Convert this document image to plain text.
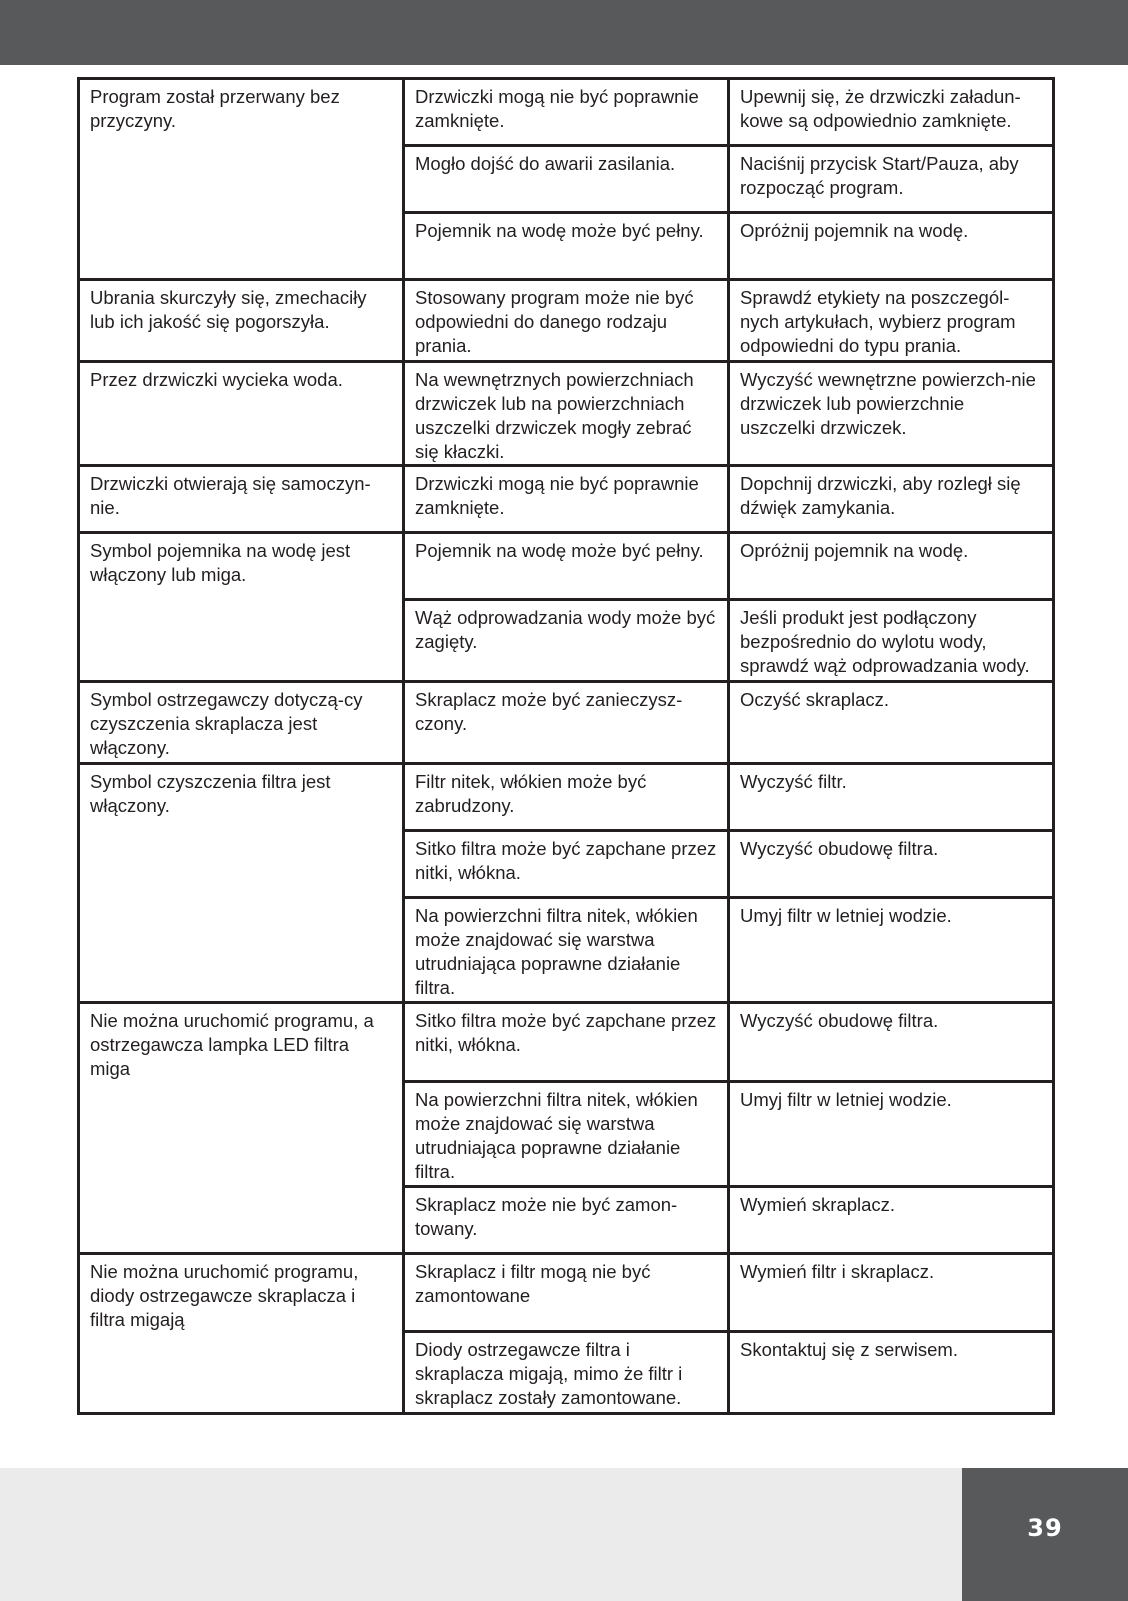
Program został przerwany bez przyczyny.	Drzwiczki mogą nie być poprawnie zamknięte.	Upewnij się, że drzwiczki załadun-kowe są odpowiednio zamknięte.
	Mogło dojść do awarii zasilania.	Naciśnij przycisk Start/Pauza, aby rozpocząć program.
	Pojemnik na wodę może być pełny.	Opróżnij pojemnik na wodę.
Ubrania skurczyły się, zmechaciły lub ich jakość się pogorszyła.	Stosowany program może nie być odpowiedni do danego rodzaju prania.	Sprawdź etykiety na poszczegól-nych artykułach, wybierz program odpowiedni do typu prania.
Przez drzwiczki wycieka woda.	Na wewnętrznych powierzchniach drzwiczek lub na powierzchniach uszczelki drzwiczek mogły zebrać się kłaczki.	Wyczyść wewnętrzne powierzch-nie drzwiczek lub powierzchnie uszczelki drzwiczek.
Drzwiczki otwierają się samoczyn-nie.	Drzwiczki mogą nie być poprawnie zamknięte.	Dopchnij drzwiczki, aby rozległ się dźwięk zamykania.
Symbol pojemnika na wodę jest włączony lub miga.	Pojemnik na wodę może być pełny.	Opróżnij pojemnik na wodę.
	Wąż odprowadzania wody może być zagięty.	Jeśli produkt jest podłączony bezpośrednio do wylotu wody, sprawdź wąż odprowadzania wody.
Symbol ostrzegawczy dotyczą-cy czyszczenia skraplacza jest włączony.	Skraplacz może być zanieczysz-czony.	Oczyść skraplacz.
Symbol czyszczenia filtra jest włączony.	Filtr nitek, włókien może być zabrudzony.	Wyczyść filtr.
	Sitko filtra może być zapchane przez nitki, włókna.	Wyczyść obudowę filtra.
	Na powierzchni filtra nitek, włókien może znajdować się warstwa utrudniająca poprawne działanie filtra.	Umyj filtr w letniej wodzie.
Nie można uruchomić programu, a ostrzegawcza lampka LED filtra miga	Sitko filtra może być zapchane przez nitki, włókna.	Wyczyść obudowę filtra.
	Na powierzchni filtra nitek, włókien może znajdować się warstwa utrudniająca poprawne działanie filtra.	Umyj filtr w letniej wodzie.
	Skraplacz może nie być zamon-towany.	Wymień skraplacz.
Nie można uruchomić programu, diody ostrzegawcze skraplacza i filtra migają	Skraplacz i filtr mogą nie być zamontowane	Wymień filtr i skraplacz.
	Diody ostrzegawcze filtra i skraplacza migają, mimo że filtr i skraplacz zostały zamontowane.	Skontaktuj się z serwisem.
39
